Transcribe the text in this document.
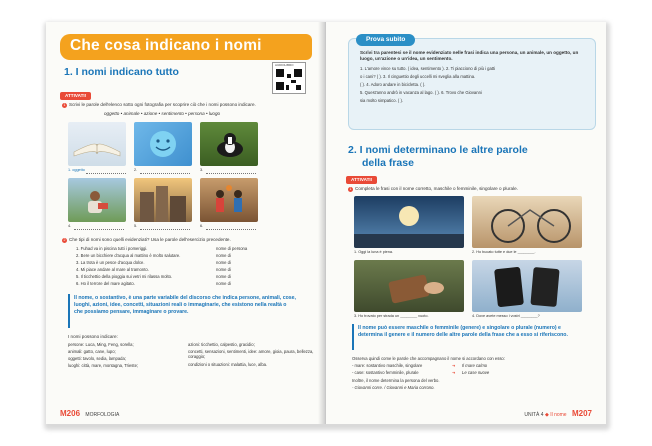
Che cosa indicano i nomi
1. I nomi indicano tutto
AUDIOLIBRO
ATTIVATI!
1 Scrivi le parole dell'elenco sotto ogni fotografia per scoprire ciò che i nomi possono indicare.
oggetto • animale • azione • sentimento • persona • luogo
1. oggetto	2.	3.
4.	5.	6.
2 Che tipi di nomi sono quelli evidenziati? Usa le parole dell'esercizio precedente.
1. Fuhad va in piscina tutti i pomeriggi.	nome di persona
2. Bere un bicchiere d'acqua al mattino è molto salutare.	nome di
3. La trota è un pesce d'acqua dolce.	nome di
4. Mi piace andare al mare al tramonto.	nome di
5. Il ticchettio della pioggia sui vetri mi rilassa molto.	nome di
6. Ho il terrore del mare agitato.	nome di
Il nome, o sostantivo, è una parte variabile del discorso che indica persone, animali, cose, luoghi, azioni, idee, concetti, situazioni reali o immaginarie, che esistono nella realtà o che possiamo pensare, immaginare o provare.
I nomi possono indicare:
persone: Luca, Ming, Feng, sorella;
animali: gatto, cane, lupo;
oggetti: tavolo, sedia, lampada;
luoghi: città, mare, montagna, Trieste;
azioni: ticchettio, calpestio, gracidio;
concetti, sensazioni, sentimenti, idee: amore, gioia, paura, bellezza, coraggio;
condizioni o situazioni: malattia, luce, alba.
M206 MORFOLOGIA
Prova subito
Scrivi tra parentesi se il nome evidenziato nelle frasi indica una persona, un animale, un oggetto, un luogo, un'azione o un'idea, un sentimento.
1. L'amore vince su tutto. ( idea, sentimento ). 2. Ti piacciono di più i gatti
o i cani? ( ). 3. Il cinguettio degli uccelli mi sveglia alla mattina.
( ). 4. Adoro andare in bicicletta. ( ).
5. Quest'anno andrò in vacanza al lago. ( ). 6. Trovo che Giovanni
sia molto simpatico. ( ).
2. I nomi determinano le altre parole
della frase
ATTIVATI!
1 Completa le frasi con il nome corretto, maschile o femminile, singolare o plurale.
1. Oggi la luna è piena.	2. Ho bucato tutte e due le ________.
3. Ho trovato per strada un ________ vuoto.	4. Dove avete messo i vostri ________?
Il nome può essere maschile o femminile (genere) e singolare o plurale (numero) e determina il genere e il numero delle altre parole della frase che a esso si riferiscono.
Osserva quindi come le parole che accompagnano il nome si accordano con esso:
- mare: sostantivo maschile, singolare	➜ Il mare calmo
- case: sostantivo femminile, plurale	➜ Le case nuove
Inoltre, il nome determina la persona del verbo.
- Giovanni corre. / Giovanni e Maria corrono.
UNITÀ 4 ◆ Il nome M207
